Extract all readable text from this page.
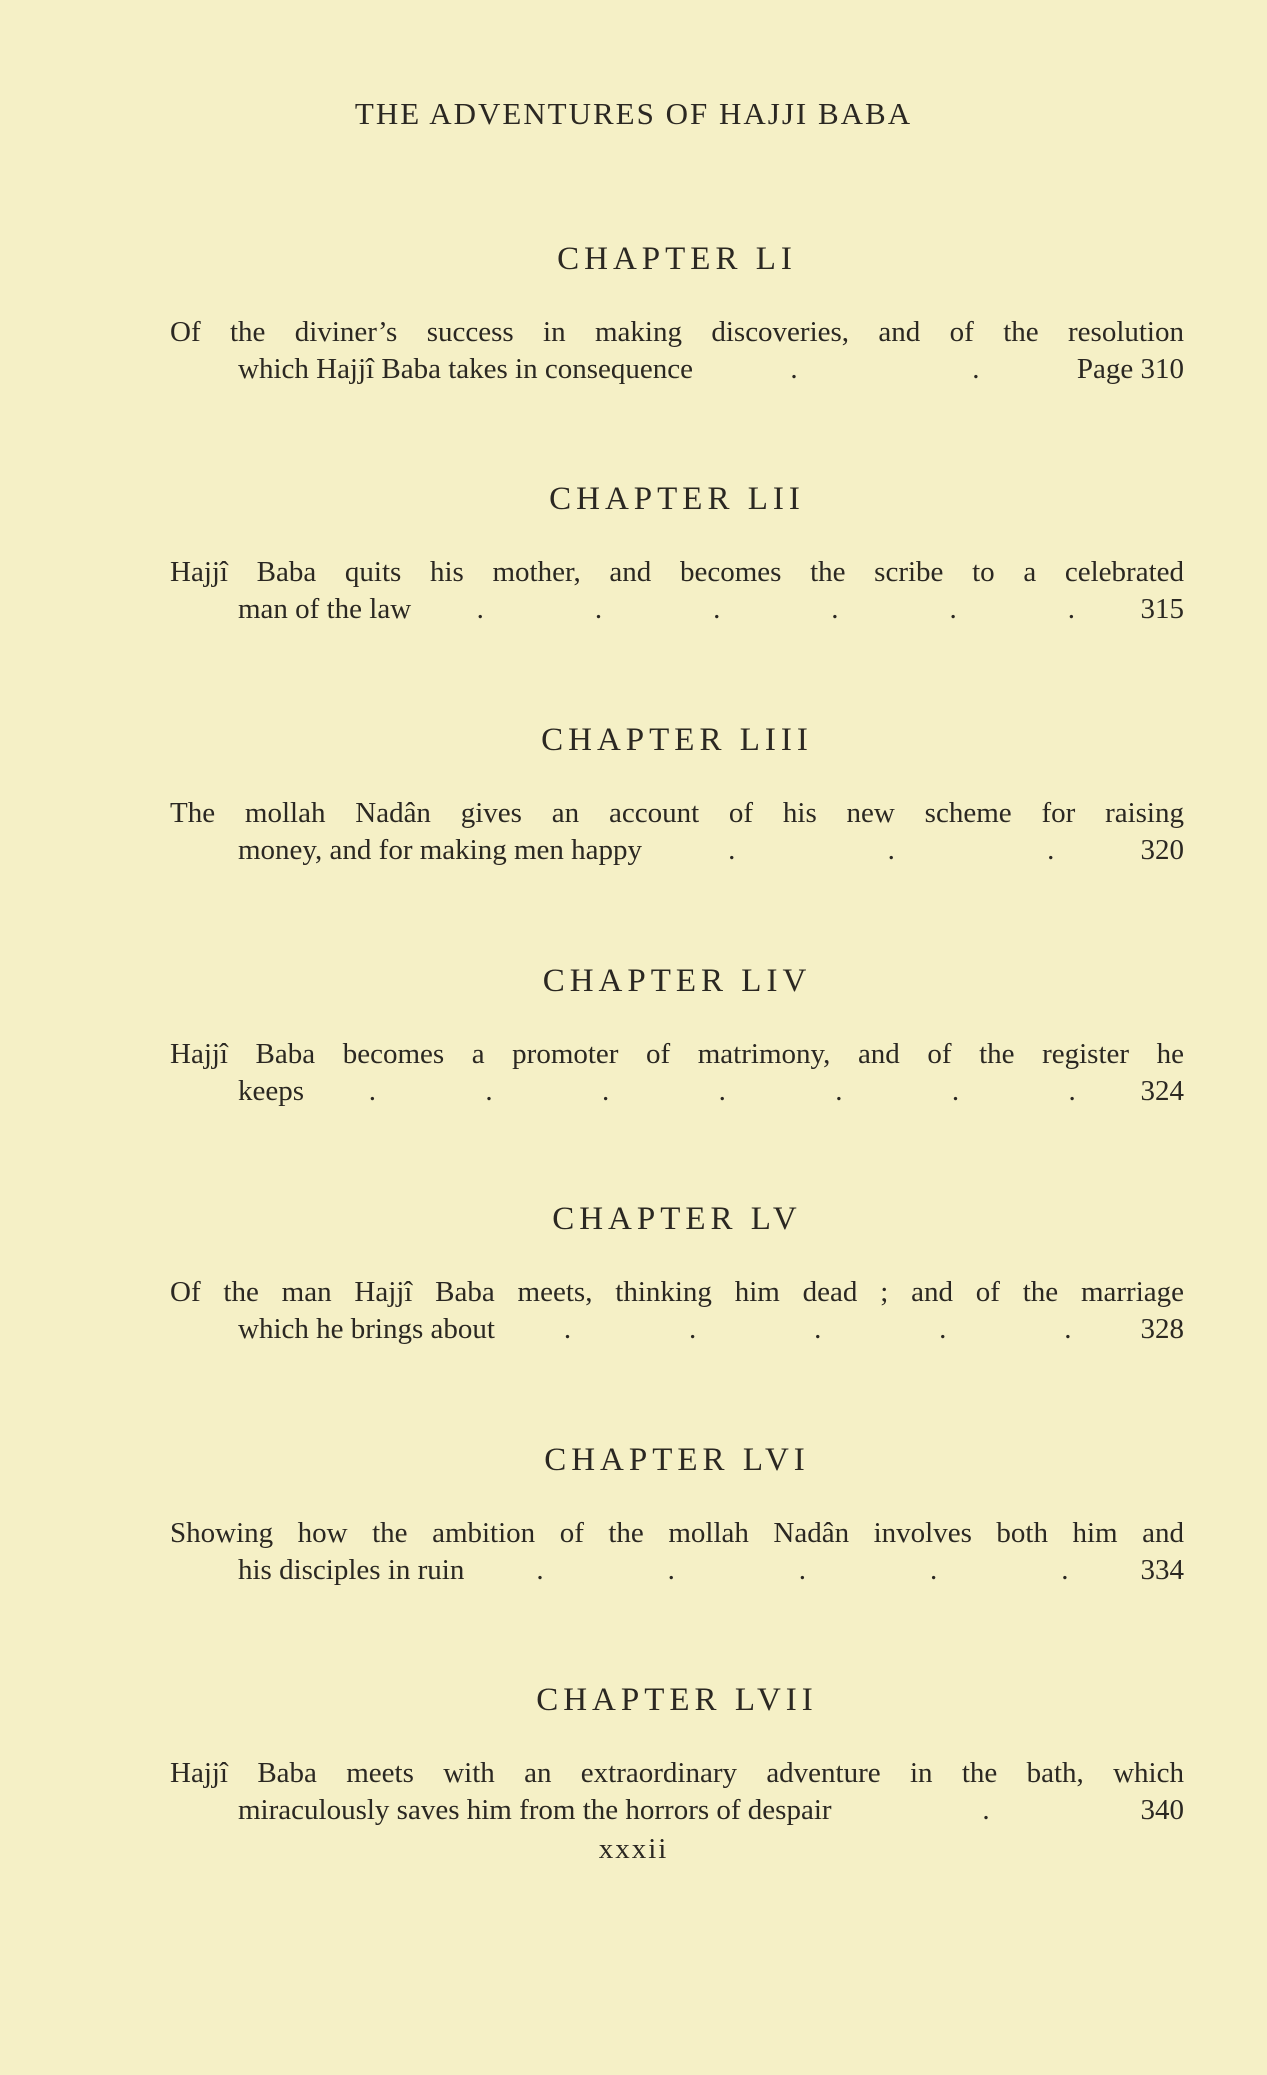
THE ADVENTURES OF HAJJI BABA
CHAPTER LI
Of the diviner’s success in making discoveries, and of the resolution
which Hajjî Baba takes in consequence	.	.	Page 310
CHAPTER LII
Hajjî Baba quits his mother, and becomes the scribe to a celebrated
man of the law .	.	.	.	.	. 315
CHAPTER LIII
The mollah Nadân gives an account of his new scheme for raising
money, and for making men happy	.	.	.	320
CHAPTER LIV
Hajjî Baba becomes a promoter of matrimony, and of the register he
keeps .	.	.	.	.	.	. 324
CHAPTER LV
Of the man Hajjî Baba meets, thinking him dead ; and of the marriage
which he brings about .	.	.	.	. 328
CHAPTER LVI
Showing how the ambition of the mollah Nadân involves both him and
his disciples in ruin .	.	.	.	. 334
CHAPTER LVII
Hajjî Baba meets with an extraordinary adventure in the bath, which
miraculously saves him from the horrors of despair	.	340
xxxii
